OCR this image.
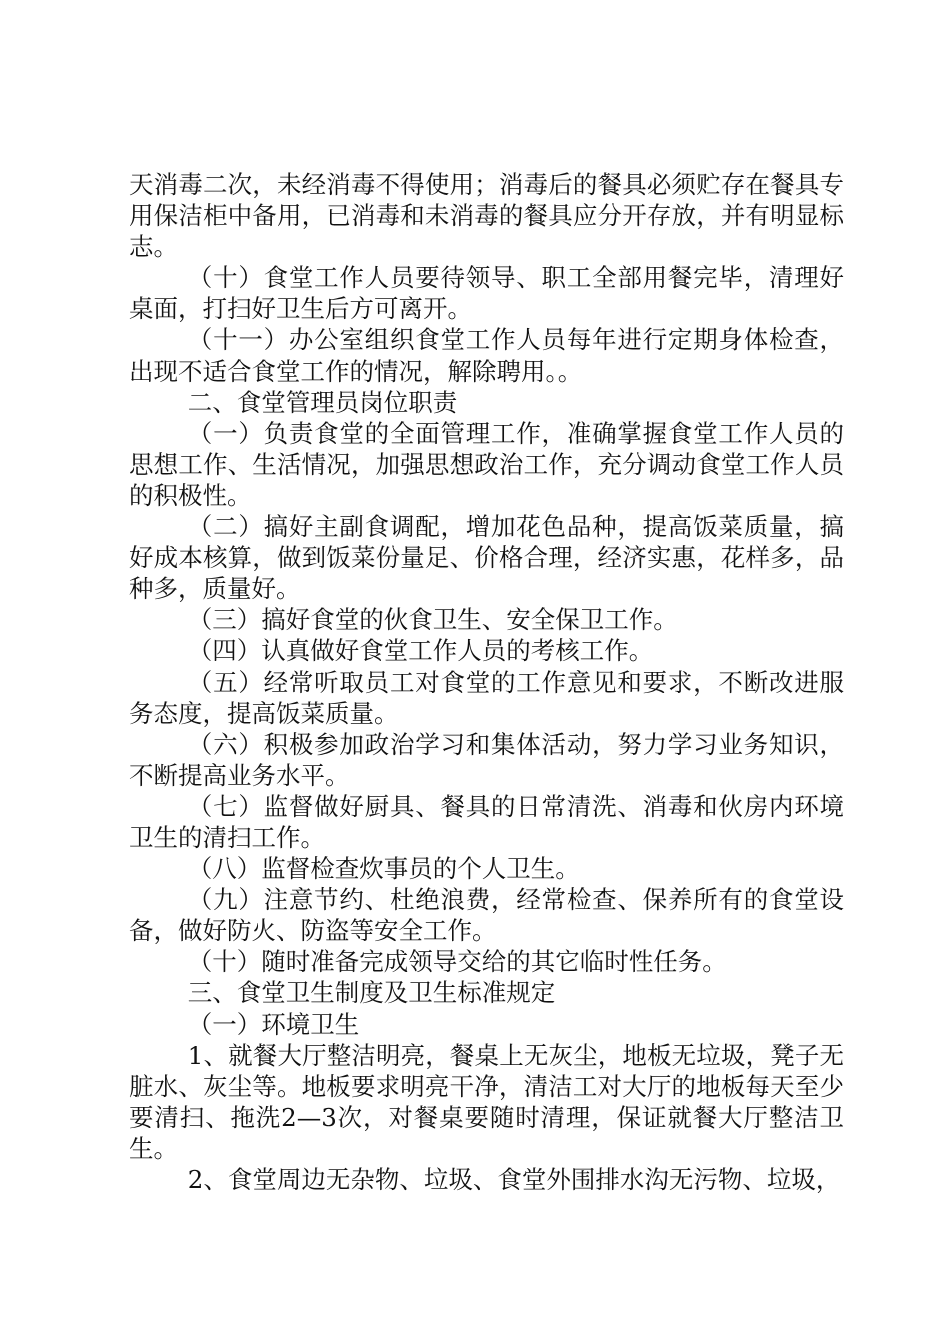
天消毒二次，未经消毒不得使用；消毒后的餐具必须贮存在餐具专用保洁柜中备用，已消毒和未消毒的餐具应分开存放，并有明显标志。

（十）食堂工作人员要待领导、职工全部用餐完毕，清理好桌面，打扫好卫生后方可离开。

（十一）办公室组织食堂工作人员每年进行定期身体检查，出现不适合食堂工作的情况，解除聘用。。

二、食堂管理员岗位职责

（一）负责食堂的全面管理工作，准确掌握食堂工作人员的思想工作、生活情况，加强思想政治工作，充分调动食堂工作人员的积极性。

（二）搞好主副食调配，增加花色品种，提高饭菜质量，搞好成本核算，做到饭菜份量足、价格合理，经济实惠，花样多，品种多，质量好。

（三）搞好食堂的伙食卫生、安全保卫工作。

（四）认真做好食堂工作人员的考核工作。

（五）经常听取员工对食堂的工作意见和要求，不断改进服务态度，提高饭菜质量。

（六）积极参加政治学习和集体活动，努力学习业务知识，不断提高业务水平。

（七）监督做好厨具、餐具的日常清洗、消毒和伙房内环境卫生的清扫工作。

（八）监督检查炊事员的个人卫生。

（九）注意节约、杜绝浪费，经常检查、保养所有的食堂设备，做好防火、防盗等安全工作。

（十）随时准备完成领导交给的其它临时性任务。

三、食堂卫生制度及卫生标准规定

（一）环境卫生

1、就餐大厅整洁明亮，餐桌上无灰尘，地板无垃圾，凳子无脏水、灰尘等。地板要求明亮干净，清洁工对大厅的地板每天至少要清扫、拖洗2—3次，对餐桌要随时清理，保证就餐大厅整洁卫生。

2、食堂周边无杂物、垃圾、食堂外围排水沟无污物、垃圾，
